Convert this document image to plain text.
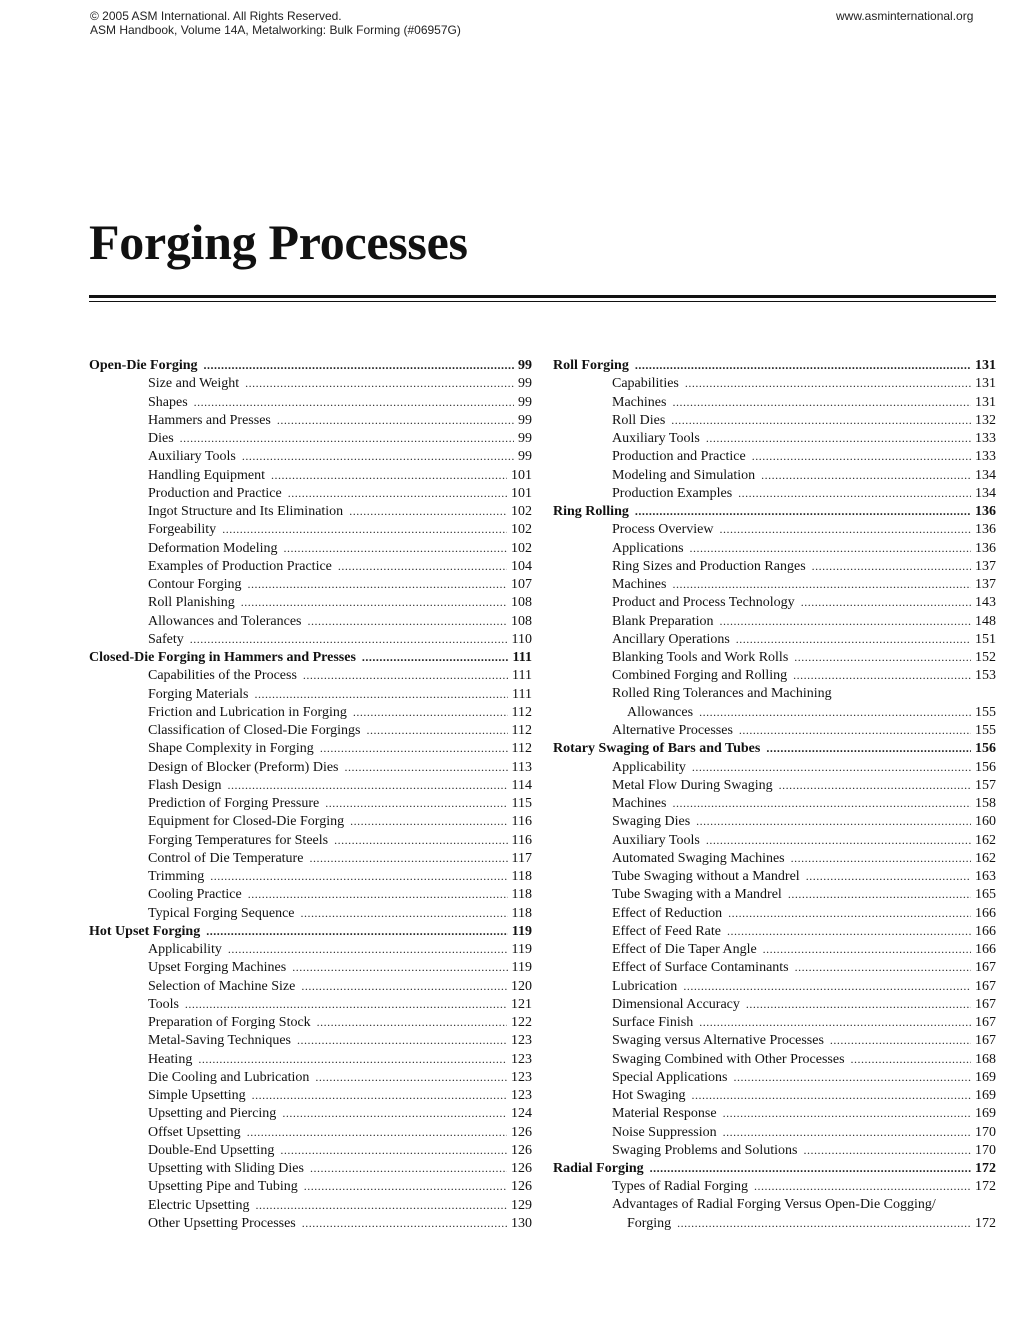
© 2005 ASM International. All Rights Reserved.
ASM Handbook, Volume 14A, Metalworking: Bulk Forming (#06957G)
www.asminternational.org
Forging Processes
Open-Die Forging .....	99
Size and Weight .....	99
Shapes .....	99
Hammers and Presses .....	99
Dies .....	99
Auxiliary Tools .....	99
Handling Equipment .....	101
Production and Practice .....	101
Ingot Structure and Its Elimination .....	102
Forgeability .....	102
Deformation Modeling .....	102
Examples of Production Practice .....	104
Contour Forging .....	107
Roll Planishing .....	108
Allowances and Tolerances .....	108
Safety .....	110
Closed-Die Forging in Hammers and Presses .....	111
Capabilities of the Process .....	111
Forging Materials .....	111
Friction and Lubrication in Forging .....	112
Classification of Closed-Die Forgings .....	112
Shape Complexity in Forging .....	112
Design of Blocker (Preform) Dies .....	113
Flash Design .....	114
Prediction of Forging Pressure .....	115
Equipment for Closed-Die Forging .....	116
Forging Temperatures for Steels .....	116
Control of Die Temperature .....	117
Trimming .....	118
Cooling Practice .....	118
Typical Forging Sequence .....	118
Hot Upset Forging .....	119
Applicability .....	119
Upset Forging Machines .....	119
Selection of Machine Size .....	120
Tools .....	121
Preparation of Forging Stock .....	122
Metal-Saving Techniques .....	123
Heating .....	123
Die Cooling and Lubrication .....	123
Simple Upsetting .....	123
Upsetting and Piercing .....	124
Offset Upsetting .....	126
Double-End Upsetting .....	126
Upsetting with Sliding Dies .....	126
Upsetting Pipe and Tubing .....	126
Electric Upsetting .....	129
Other Upsetting Processes .....	130
Roll Forging .....	131
Capabilities .....	131
Machines .....	131
Roll Dies .....	132
Auxiliary Tools .....	133
Production and Practice .....	133
Modeling and Simulation .....	134
Production Examples .....	134
Ring Rolling .....	136
Process Overview .....	136
Applications .....	136
Ring Sizes and Production Ranges .....	137
Machines .....	137
Product and Process Technology .....	143
Blank Preparation .....	148
Ancillary Operations .....	151
Blanking Tools and Work Rolls .....	152
Combined Forging and Rolling .....	153
Rolled Ring Tolerances and Machining
Allowances .....	155
Alternative Processes .....	155
Rotary Swaging of Bars and Tubes .....	156
Applicability .....	156
Metal Flow During Swaging .....	157
Machines .....	158
Swaging Dies .....	160
Auxiliary Tools .....	162
Automated Swaging Machines .....	162
Tube Swaging without a Mandrel .....	163
Tube Swaging with a Mandrel .....	165
Effect of Reduction .....	166
Effect of Feed Rate .....	166
Effect of Die Taper Angle .....	166
Effect of Surface Contaminants .....	167
Lubrication .....	167
Dimensional Accuracy .....	167
Surface Finish .....	167
Swaging versus Alternative Processes .....	167
Swaging Combined with Other Processes .....	168
Special Applications .....	169
Hot Swaging .....	169
Material Response .....	169
Noise Suppression .....	170
Swaging Problems and Solutions .....	170
Radial Forging .....	172
Types of Radial Forging .....	172
Advantages of Radial Forging Versus Open-Die Cogging/
Forging .....	172
